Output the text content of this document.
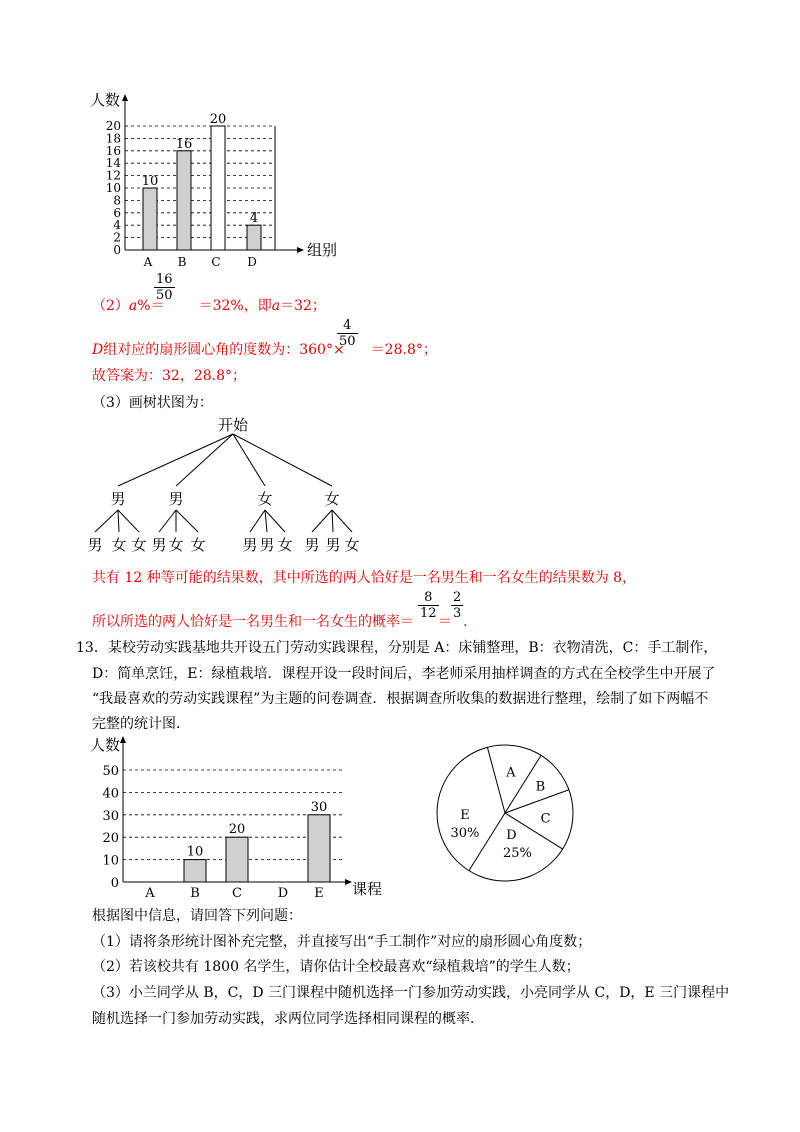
人数
组别
0
2
4
6
8
10
12
14
16
18
20
10
A
16
B
20
C
4
D
（2）a%＝ ＝32%，即a＝32；
$\frac{16}{50}$
D组对应的扇形圆心角的度数为：360°× ＝28.8°；
$\frac{4}{50}$
故答案为：32，28.8°；
（3）画树状图为：
开始
男
男 女 女
男
男 女 女
女
男 男 女
女
男 男 女
共有 12 种等可能的结果数，其中所选的两人恰好是一名男生和一名女生的结果数为 8，
所以所选的两人恰好是一名男生和一名女生的概率＝
$\frac{8}{12}$
＝
$\frac{2}{3}$
.
13．某校劳动实践基地共开设五门劳动实践课程，分别是 A：床铺整理，B：衣物清洗，C：手工制作，
D：简单烹饪，E：绿植栽培．课程开设一段时间后，李老师采用抽样调查的方式在全校学生中开展了
“我最喜欢的劳动实践课程”为主题的问卷调查．根据调查所收集的数据进行整理，绘制了如下两幅不
完整的统计图．
人数
课程
0
10
20
30
40
50
A
10
B
20
C	D
30
E
A
B
C
D
25%
E
30%
根据图中信息，请回答下列问题：
（1）请将条形统计图补充完整，并直接写出“手工制作”对应的扇形圆心角度数；
（2）若该校共有 1800 名学生，请你估计全校最喜欢“绿植栽培”的学生人数；
（3）小兰同学从 B，C，D 三门课程中随机选择一门参加劳动实践，小亮同学从 C，D，E 三门课程中
随机选择一门参加劳动实践，求两位同学选择相同课程的概率.
